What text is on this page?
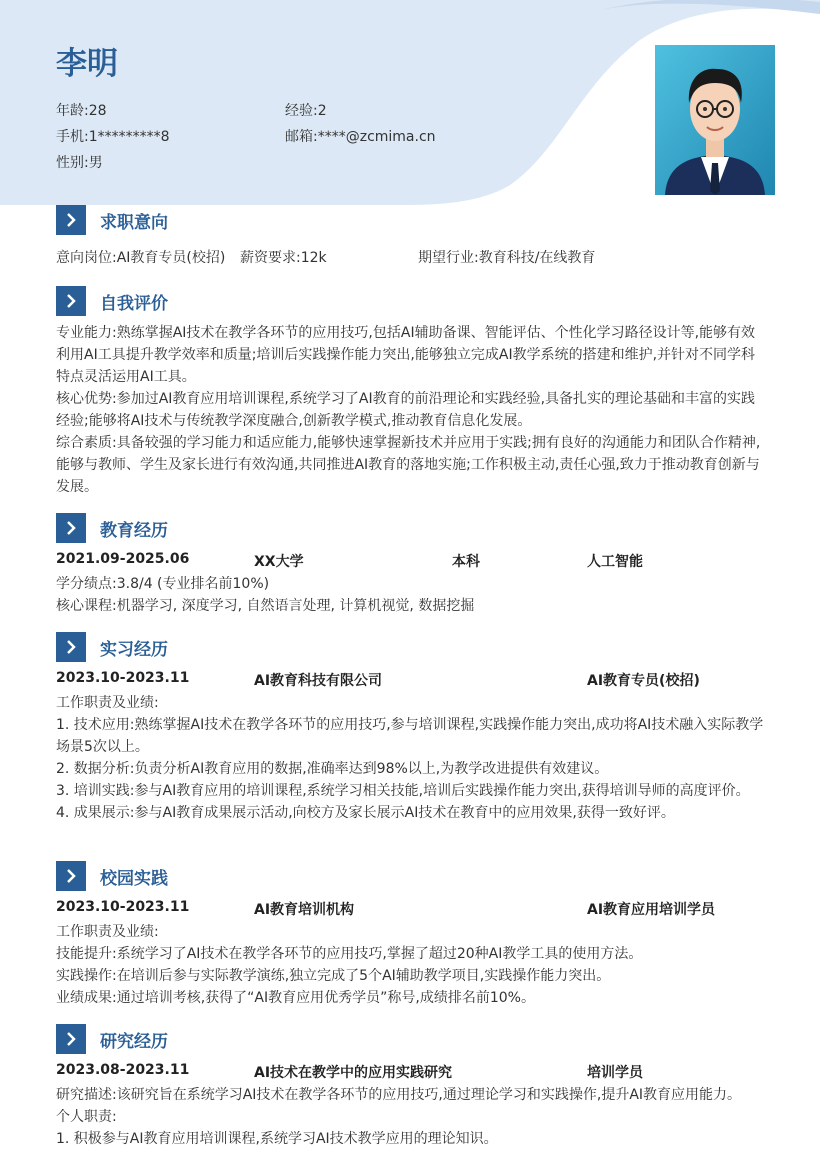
李明
年龄:28	经验:2
手机:1*********8	邮箱:****@zcmima.cn
性别:男
求职意向
意向岗位:AI教育专员(校招) 薪资要求:12k	期望行业:教育科技/在线教育
自我评价

专业能力:熟练掌握AI技术在教学各环节的应用技巧,包括AI辅助备课、智能评估、个性化学习路径设计等,能够有效利用AI工具提升教学效率和质量;培训后实践操作能力突出,能够独立完成AI教学系统的搭建和维护,并针对不同学科特点灵活运用AI工具。

核心优势:参加过AI教育应用培训课程,系统学习了AI教育的前沿理论和实践经验,具备扎实的理论基础和丰富的实践经验;能够将AI技术与传统教学深度融合,创新教学模式,推动教育信息化发展。

综合素质:具备较强的学习能力和适应能力,能够快速掌握新技术并应用于实践;拥有良好的沟通能力和团队合作精神,能够与教师、学生及家长进行有效沟通,共同推进AI教育的落地实施;工作积极主动,责任心强,致力于推动教育创新与发展。

教育经历
2021.09-2025.06	XX大学	本科	人工智能

学分绩点:3.8/4 (专业排名前10%)

核心课程:机器学习, 深度学习, 自然语言处理, 计算机视觉, 数据挖掘

实习经历
2023.10-2023.11	AI教育科技有限公司	AI教育专员(校招)

工作职责及业绩:

1. 技术应用:熟练掌握AI技术在教学各环节的应用技巧,参与培训课程,实践操作能力突出,成功将AI技术融入实际教学场景5次以上。

2. 数据分析:负责分析AI教育应用的数据,准确率达到98%以上,为教学改进提供有效建议。

3. 培训实践:参与AI教育应用的培训课程,系统学习相关技能,培训后实践操作能力突出,获得培训导师的高度评价。

4. 成果展示:参与AI教育成果展示活动,向校方及家长展示AI技术在教育中的应用效果,获得一致好评。

校园实践
2023.10-2023.11	AI教育培训机构	AI教育应用培训学员

工作职责及业绩:

技能提升:系统学习了AI技术在教学各环节的应用技巧,掌握了超过20种AI教学工具的使用方法。

实践操作:在培训后参与实际教学演练,独立完成了5个AI辅助教学项目,实践操作能力突出。

业绩成果:通过培训考核,获得了“AI教育应用优秀学员”称号,成绩排名前10%。

研究经历
2023.08-2023.11	AI技术在教学中的应用实践研究	培训学员

研究描述:该研究旨在系统学习AI技术在教学各环节的应用技巧,通过理论学习和实践操作,提升AI教育应用能力。

个人职责:

1. 积极参与AI教育应用培训课程,系统学习AI技术教学应用的理论知识。
